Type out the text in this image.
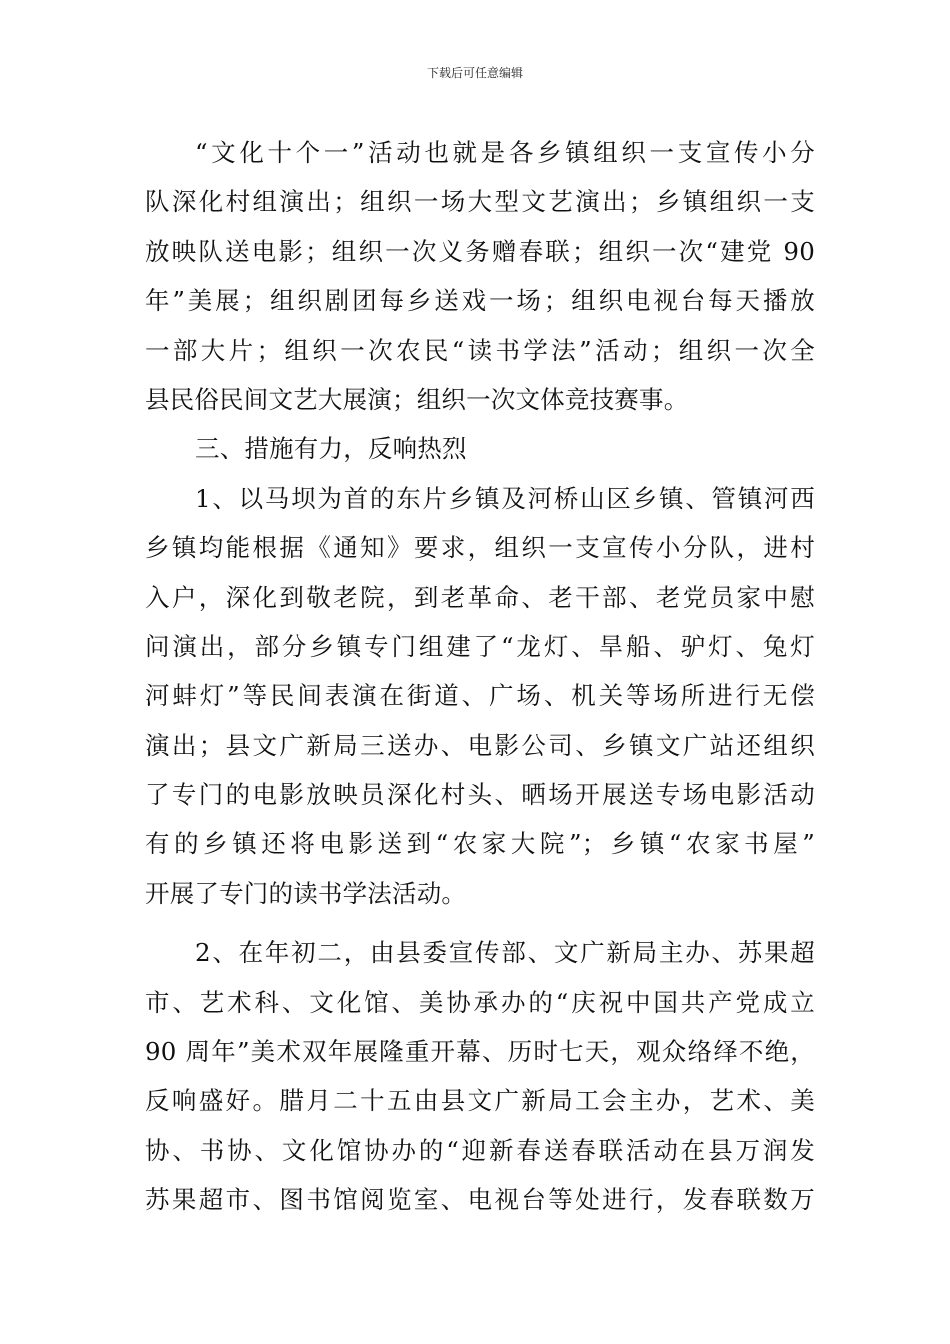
下载后可任意编辑
“文化十个一”活动也就是各乡镇组织一支宣传小分
队深化村组演出；组织一场大型文艺演出；乡镇组织一支
放映队送电影；组织一次义务赠春联；组织一次“建党 90
年”美展；组织剧团每乡送戏一场；组织电视台每天播放
一部大片；组织一次农民“读书学法”活动；组织一次全
县民俗民间文艺大展演；组织一次文体竞技赛事。
三、措施有力，反响热烈
1、以马坝为首的东片乡镇及河桥山区乡镇、管镇河西
乡镇均能根据《通知》要求，组织一支宣传小分队，进村
入户，深化到敬老院，到老革命、老干部、老党员家中慰
问演出，部分乡镇专门组建了“龙灯、旱船、驴灯、兔灯
河蚌灯”等民间表演在街道、广场、机关等场所进行无偿
演出；县文广新局三送办、电影公司、乡镇文广站还组织
了专门的电影放映员深化村头、晒场开展送专场电影活动
有的乡镇还将电影送到“农家大院”；乡镇“农家书屋”
开展了专门的读书学法活动。
2、在年初二，由县委宣传部、文广新局主办、苏果超
市、艺术科、文化馆、美协承办的“庆祝中国共产党成立
90 周年”美术双年展隆重开幕、历时七天，观众络绎不绝，
反响盛好。腊月二十五由县文广新局工会主办，艺术、美
协、书协、文化馆协办的“迎新春送春联活动在县万润发
苏果超市、图书馆阅览室、电视台等处进行，发春联数万
